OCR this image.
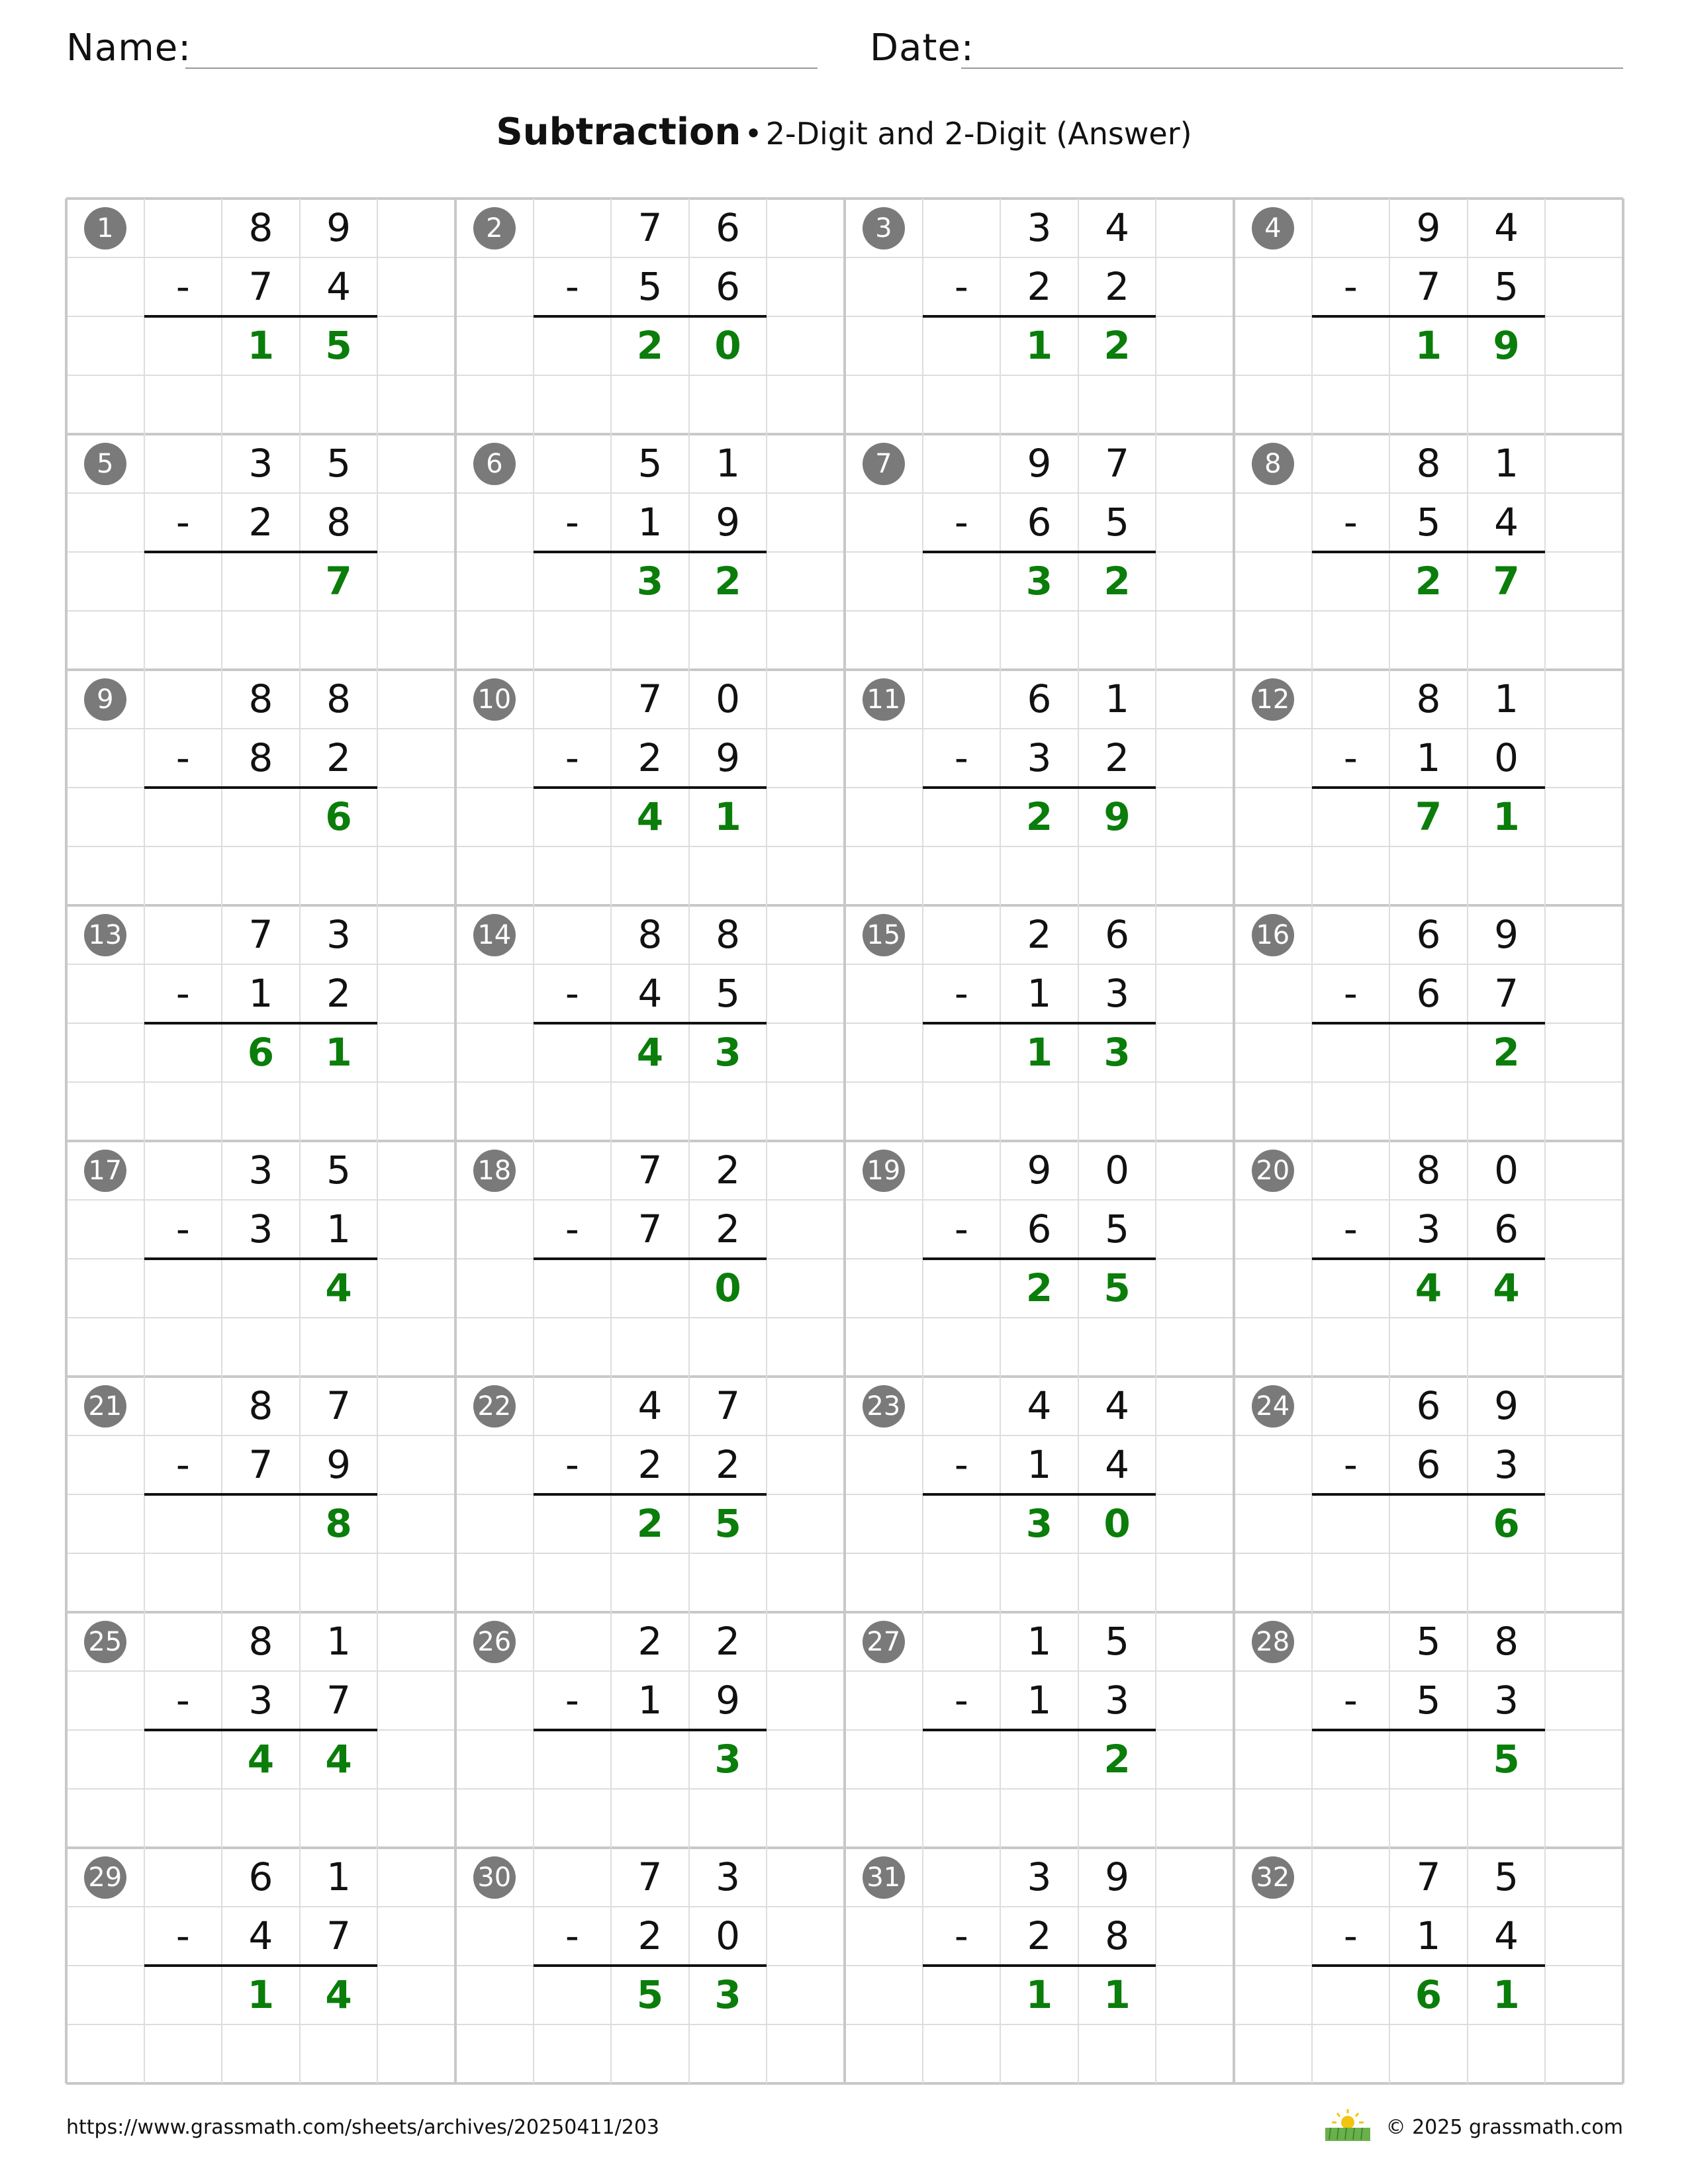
Name:	Date:
Subtraction • 2-Digit and 2-Digit (Answer)
1	8	9
-	7	4
1	5
2	7	6
-	5	6
2	0
3	3	4
-	2	2
1	2
4	9	4
-	7	5
1	9
5	3	5
-	2	8
7
6	5	1
-	1	9
3	2
7	9	7
-	6	5
3	2
8	8	1
-	5	4
2	7
9	8	8
-	8	2
6
10	7	0
-	2	9
4	1
11	6	1
-	3	2
2	9
12	8	1
-	1	0
7	1
13	7	3
-	1	2
6	1
14	8	8
-	4	5
4	3
15	2	6
-	1	3
1	3
16	6	9
-	6	7
2
17	3	5
-	3	1
4
18	7	2
-	7	2
0
19	9	0
-	6	5
2	5
20	8	0
-	3	6
4	4
21	8	7
-	7	9
8
22	4	7
-	2	2
2	5
23	4	4
-	1	4
3	0
24	6	9
-	6	3
6
25	8	1
-	3	7
4	4
26	2	2
-	1	9
3
27	1	5
-	1	3
2
28	5	8
-	5	3
5
29	6	1
-	4	7
1	4
30	7	3
-	2	0
5	3
31	3	9
-	2	8
1	1
32	7	5
-	1	4
6	1
https://www.grassmath.com/sheets/archives/20250411/203	© 2025 grassmath.com
